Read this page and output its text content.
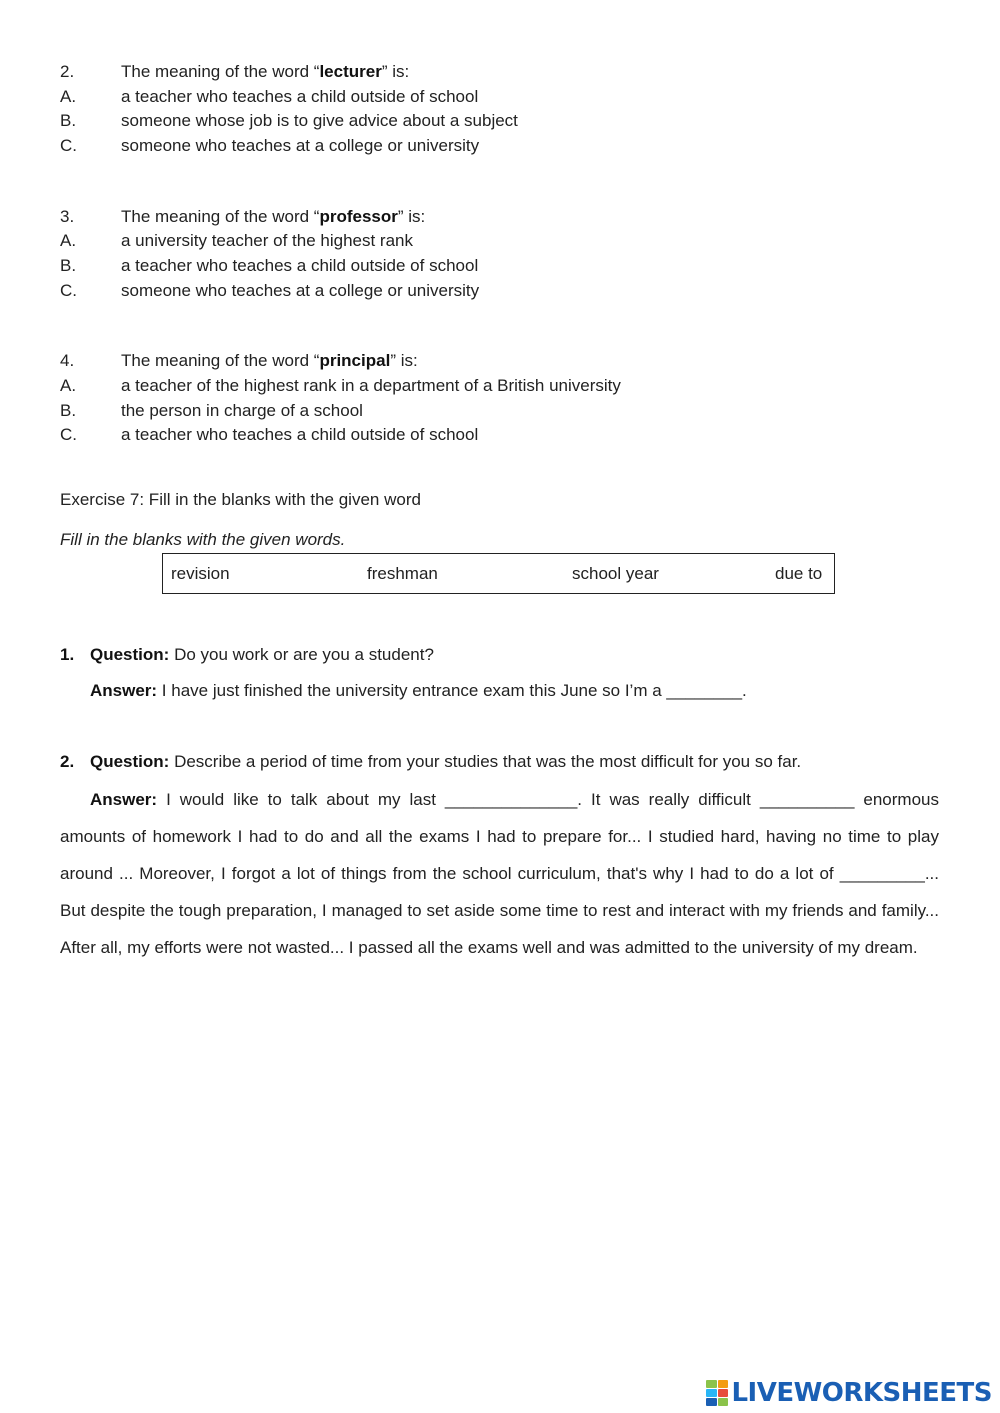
2.	The meaning of the word “lecturer” is:
A.	a teacher who teaches a child outside of school
B.	someone whose job is to give advice about a subject
C.	someone who teaches at a college or university
3.	The meaning of the word “professor” is:
A.	a university teacher of the highest rank
B.	a teacher who teaches a child outside of school
C.	someone who teaches at a college or university
4.	The meaning of the word “principal” is:
A.	a teacher of the highest rank in a department of a British university
B.	the person in charge of a school
C.	a teacher who teaches a child outside of school
Exercise 7: Fill in the blanks with the given word
Fill in the blanks with the given words.
revision	freshman	school year	due to
1. Question: Do you work or are you a student?
Answer: I have just finished the university entrance exam this June so I’m a ________.
2. Question: Describe a period of time from your studies that was the most difficult for you so far.
Answer: I would like to talk about my last ______________. It was really difficult __________ enormous amounts of homework I had to do and all the exams I had to prepare for... I studied hard, having no time to play around ... Moreover, I forgot a lot of things from the school curriculum, that's why I had to do a lot of _________... But despite the tough preparation, I managed to set aside some time to rest and interact with my friends and family... After all, my efforts were not wasted... I passed all the exams well and was admitted to the university of my dream.
LIVEWORKSHEETS
